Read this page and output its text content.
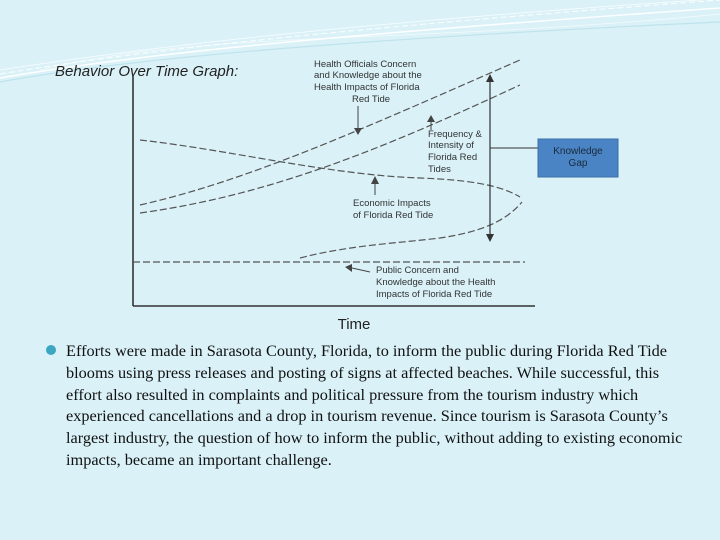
Behavior Over Time Graph:
Knowledge
Gap
Health Officials Concern
and Knowledge about the
Health Impacts of Florida
Red Tide
Frequency &
Intensity of
Florida Red
Tides
Economic Impacts
of Florida Red Tide
Public Concern and
Knowledge about the Health
Impacts of Florida Red Tide
Time
Efforts were made in Sarasota County, Florida, to inform the public during Florida Red Tide blooms using press releases and posting of signs at affected beaches. While successful, this effort also resulted in complaints and political pressure from the tourism industry which experienced cancellations and a drop in tourism revenue. Since tourism is Sarasota County’s largest industry, the question of how to inform the public, without adding to existing economic impacts, became an important challenge.
